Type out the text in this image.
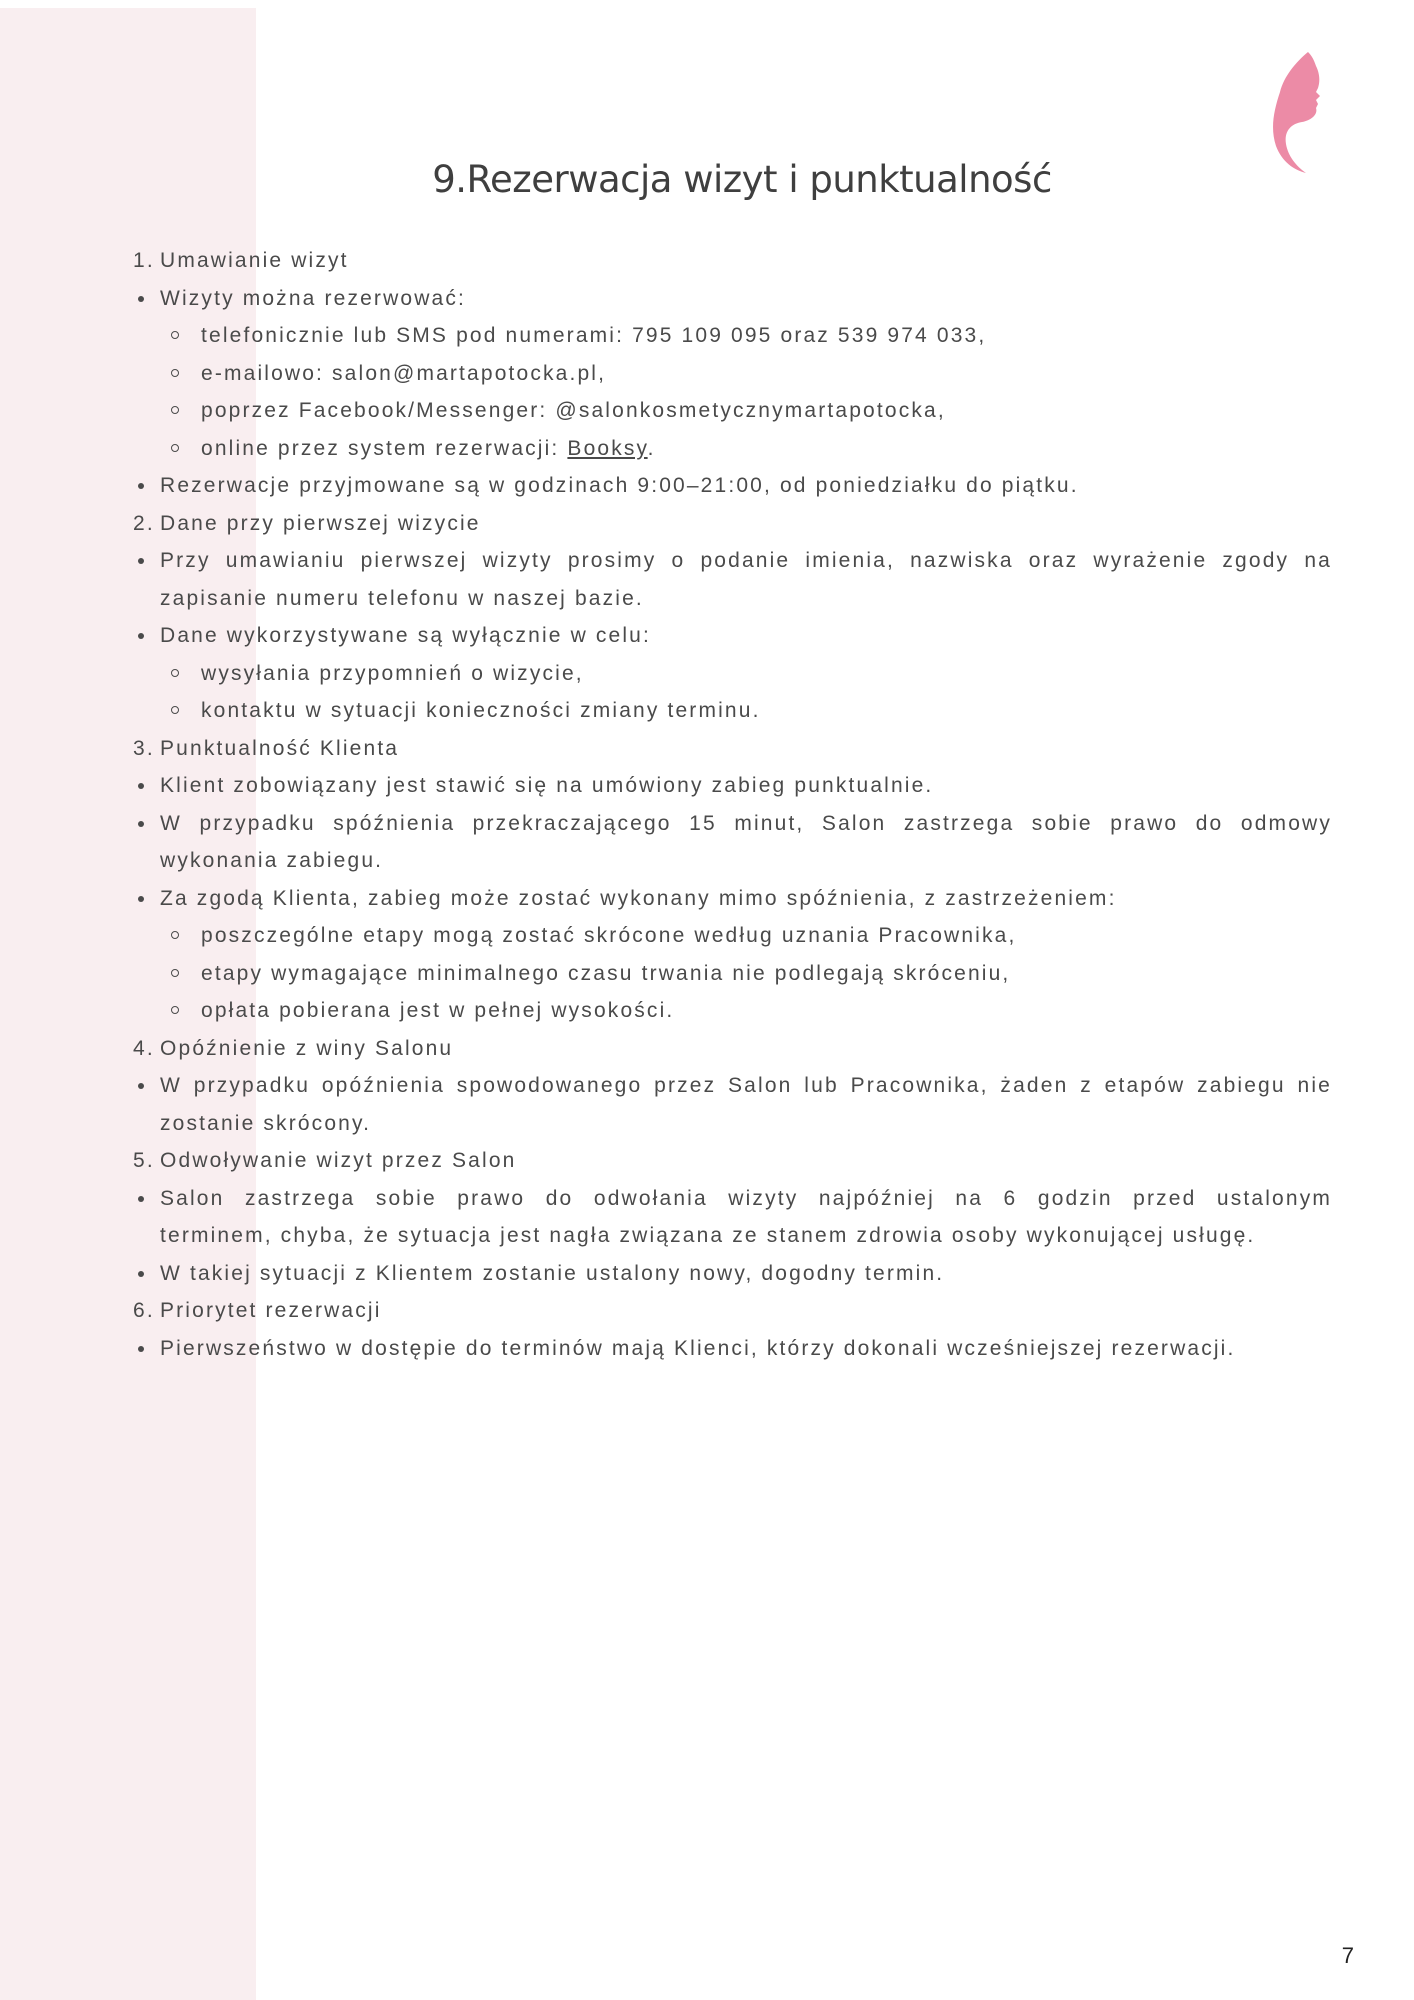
9.Rezerwacja wizyt i punktualność
1. Umawianie wizyt
Wizyty można rezerwować:
telefonicznie lub SMS pod numerami: 795 109 095 oraz 539 974 033,
e-mailowo: salon@martapotocka.pl,
poprzez Facebook/Messenger: @salonkosmetycznymartapotocka,
online przez system rezerwacji: Booksy.
Rezerwacje przyjmowane są w godzinach 9:00–21:00, od poniedziałku do piątku.
2. Dane przy pierwszej wizycie
Przy umawianiu pierwszej wizyty prosimy o podanie imienia, nazwiska oraz wyrażenie zgody na
zapisanie numeru telefonu w naszej bazie.
Dane wykorzystywane są wyłącznie w celu:
wysyłania przypomnień o wizycie,
kontaktu w sytuacji konieczności zmiany terminu.
3. Punktualność Klienta
Klient zobowiązany jest stawić się na umówiony zabieg punktualnie.
W przypadku spóźnienia przekraczającego 15 minut, Salon zastrzega sobie prawo do odmowy
wykonania zabiegu.
Za zgodą Klienta, zabieg może zostać wykonany mimo spóźnienia, z zastrzeżeniem:
poszczególne etapy mogą zostać skrócone według uznania Pracownika,
etapy wymagające minimalnego czasu trwania nie podlegają skróceniu,
opłata pobierana jest w pełnej wysokości.
4. Opóźnienie z winy Salonu
W przypadku opóźnienia spowodowanego przez Salon lub Pracownika, żaden z etapów zabiegu nie
zostanie skrócony.
5. Odwoływanie wizyt przez Salon
Salon zastrzega sobie prawo do odwołania wizyty najpóźniej na 6 godzin przed ustalonym
terminem, chyba, że sytuacja jest nagła związana ze stanem zdrowia osoby wykonującej usługę.
W takiej sytuacji z Klientem zostanie ustalony nowy, dogodny termin.
6. Priorytet rezerwacji
Pierwszeństwo w dostępie do terminów mają Klienci, którzy dokonali wcześniejszej rezerwacji.
7
